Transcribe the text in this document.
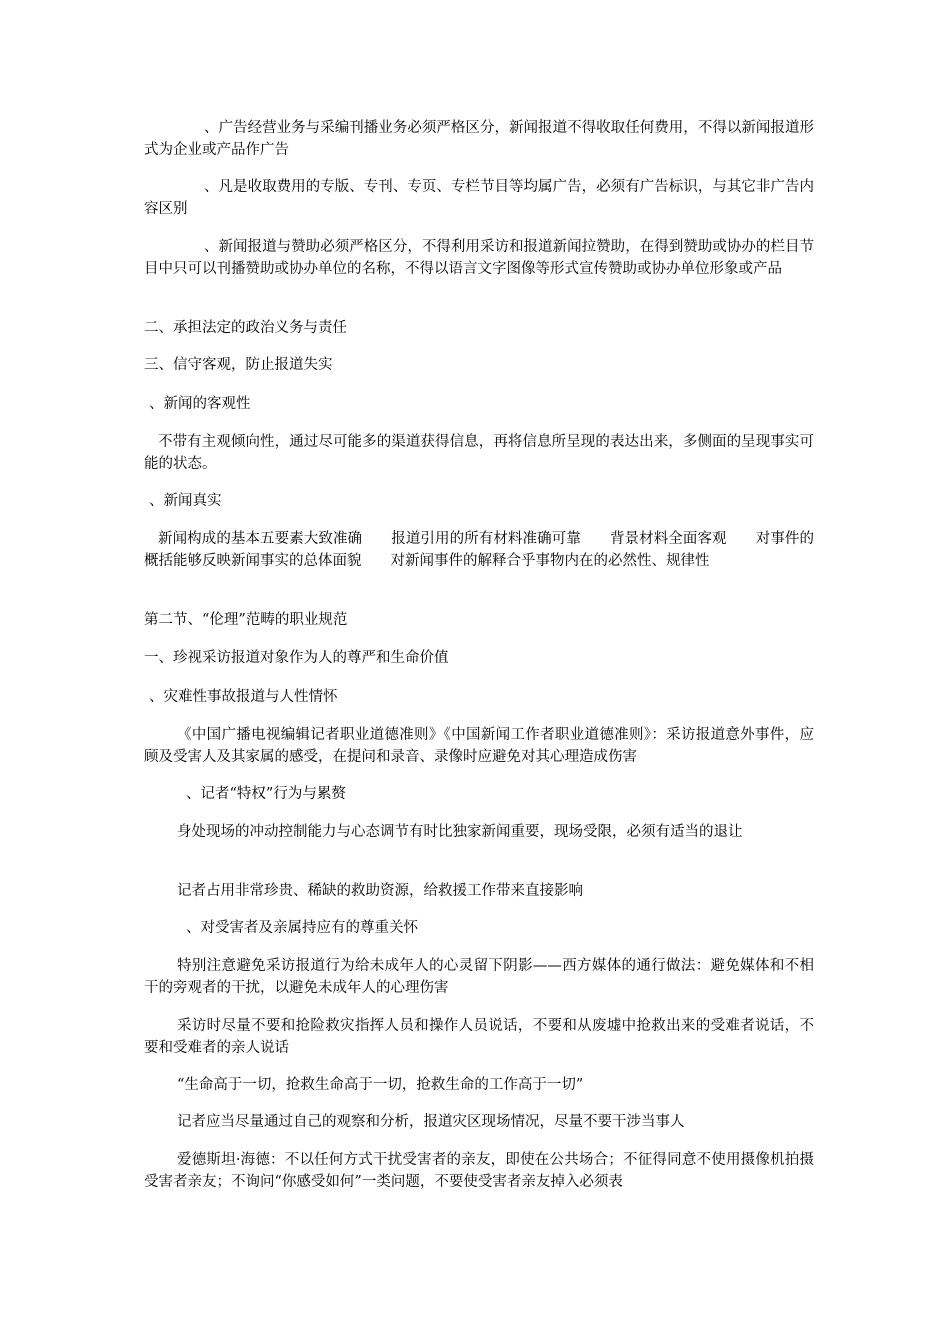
、广告经营业务与采编刊播业务必须严格区分，新闻报道不得收取任何费用，不得以新闻报道形式为企业或产品作广告

、凡是收取费用的专版、专刊、专页、专栏节目等均属广告，必须有广告标识，与其它非广告内容区别

、新闻报道与赞助必须严格区分，不得利用采访和报道新闻拉赞助，在得到赞助或协办的栏目节目中只可以刊播赞助或协办单位的名称，不得以语言文字图像等形式宣传赞助或协办单位形象或产品

二、承担法定的政治义务与责任

三、信守客观，防止报道失实

、新闻的客观性

不带有主观倾向性，通过尽可能多的渠道获得信息，再将信息所呈现的表达出来，多侧面的呈现事实可能的状态。

、新闻真实

新闻构成的基本五要素大致准确　　报道引用的所有材料准确可靠　　背景材料全面客观　　对事件的概括能够反映新闻事实的总体面貌　　对新闻事件的解释合乎事物内在的必然性、规律性

第二节、“伦理”范畴的职业规范

一、珍视采访报道对象作为人的尊严和生命价值

、灾难性事故报道与人性情怀

《中国广播电视编辑记者职业道德准则》《中国新闻工作者职业道德准则》：采访报道意外事件，应顾及受害人及其家属的感受，在提问和录音、录像时应避免对其心理造成伤害

、记者“特权”行为与累赘

身处现场的冲动控制能力与心态调节有时比独家新闻重要，现场受限，必须有适当的退让

记者占用非常珍贵、稀缺的救助资源，给救援工作带来直接影响

、对受害者及亲属持应有的尊重关怀

特别注意避免采访报道行为给未成年人的心灵留下阴影——西方媒体的通行做法：避免媒体和不相干的旁观者的干扰，以避免未成年人的心理伤害

采访时尽量不要和抢险救灾指挥人员和操作人员说话，不要和从废墟中抢救出来的受难者说话，不要和受难者的亲人说话

“生命高于一切，抢救生命高于一切，抢救生命的工作高于一切”

记者应当尽量通过自己的观察和分析，报道灾区现场情况，尽量不要干涉当事人

爱德斯坦·海德：不以任何方式干扰受害者的亲友，即使在公共场合；不征得同意不使用摄像机拍摄受害者亲友；不询问“你感受如何”一类问题，不要使受害者亲友掉入必须表
